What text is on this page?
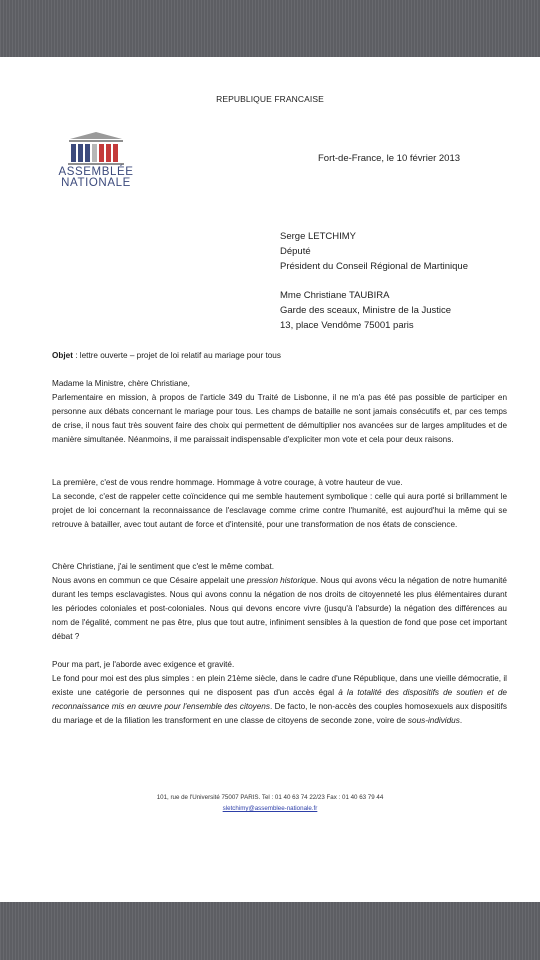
REPUBLIQUE FRANCAISE
ASSEMBLÉE
NATIONALE
Fort-de-France, le 10 février 2013
Serge LETCHIMY
Député
Président du Conseil Régional de Martinique
Mme Christiane TAUBIRA
Garde des sceaux, Ministre de la Justice
13, place Vendôme 75001 paris

Objet : lettre ouverte – projet de loi relatif au mariage pour tous

Madame la Ministre, chère Christiane,

Parlementaire en mission, à propos de l'article 349 du Traité de Lisbonne, il ne m'a pas été pas possible de participer en personne aux débats concernant le mariage pour tous. Les champs de bataille ne sont jamais consécutifs et, par ces temps de crise, il nous faut très souvent faire des choix qui permettent de démultiplier nos avancées sur de larges amplitudes et de manière simultanée. Néanmoins, il me paraissait indispensable d'expliciter mon vote et cela pour deux raisons.

La première, c'est de vous rendre hommage. Hommage à votre courage, à votre hauteur de vue.

La seconde, c'est de rappeler cette coïncidence qui me semble hautement symbolique : celle qui aura porté si brillamment le projet de loi concernant la reconnaissance de l'esclavage comme crime contre l'humanité, est aujourd'hui la même qui se retrouve à batailler, avec tout autant de force et d'intensité, pour une transformation de nos états de conscience.

Chère Christiane, j'ai le sentiment que c'est le même combat.

Nous avons en commun ce que Césaire appelait une pression historique. Nous qui avons vécu la négation de notre humanité durant les temps esclavagistes. Nous qui avons connu la négation de nos droits de citoyenneté les plus élémentaires durant les périodes coloniales et post-coloniales. Nous qui devons encore vivre (jusqu'à l'absurde) la négation des différences au nom de l'égalité, comment ne pas être, plus que tout autre, infiniment sensibles à la question de fond que pose cet important débat ?

Pour ma part, je l'aborde avec exigence et gravité.

Le fond pour moi est des plus simples : en plein 21ème siècle, dans le cadre d'une République, dans une vieille démocratie, il existe une catégorie de personnes qui ne disposent pas d'un accès égal à la totalité des dispositifs de soutien et de reconnaissance mis en œuvre pour l'ensemble des citoyens. De facto, le non-accès des couples homosexuels aux dispositifs du mariage et de la filiation les transforment en une classe de citoyens de seconde zone, voire de sous-individus.

101, rue de l'Université 75007 PARIS. Tel : 01 40 63 74 22/23 Fax : 01 40 63 79 44
sletchimy@assemblee-nationale.fr
